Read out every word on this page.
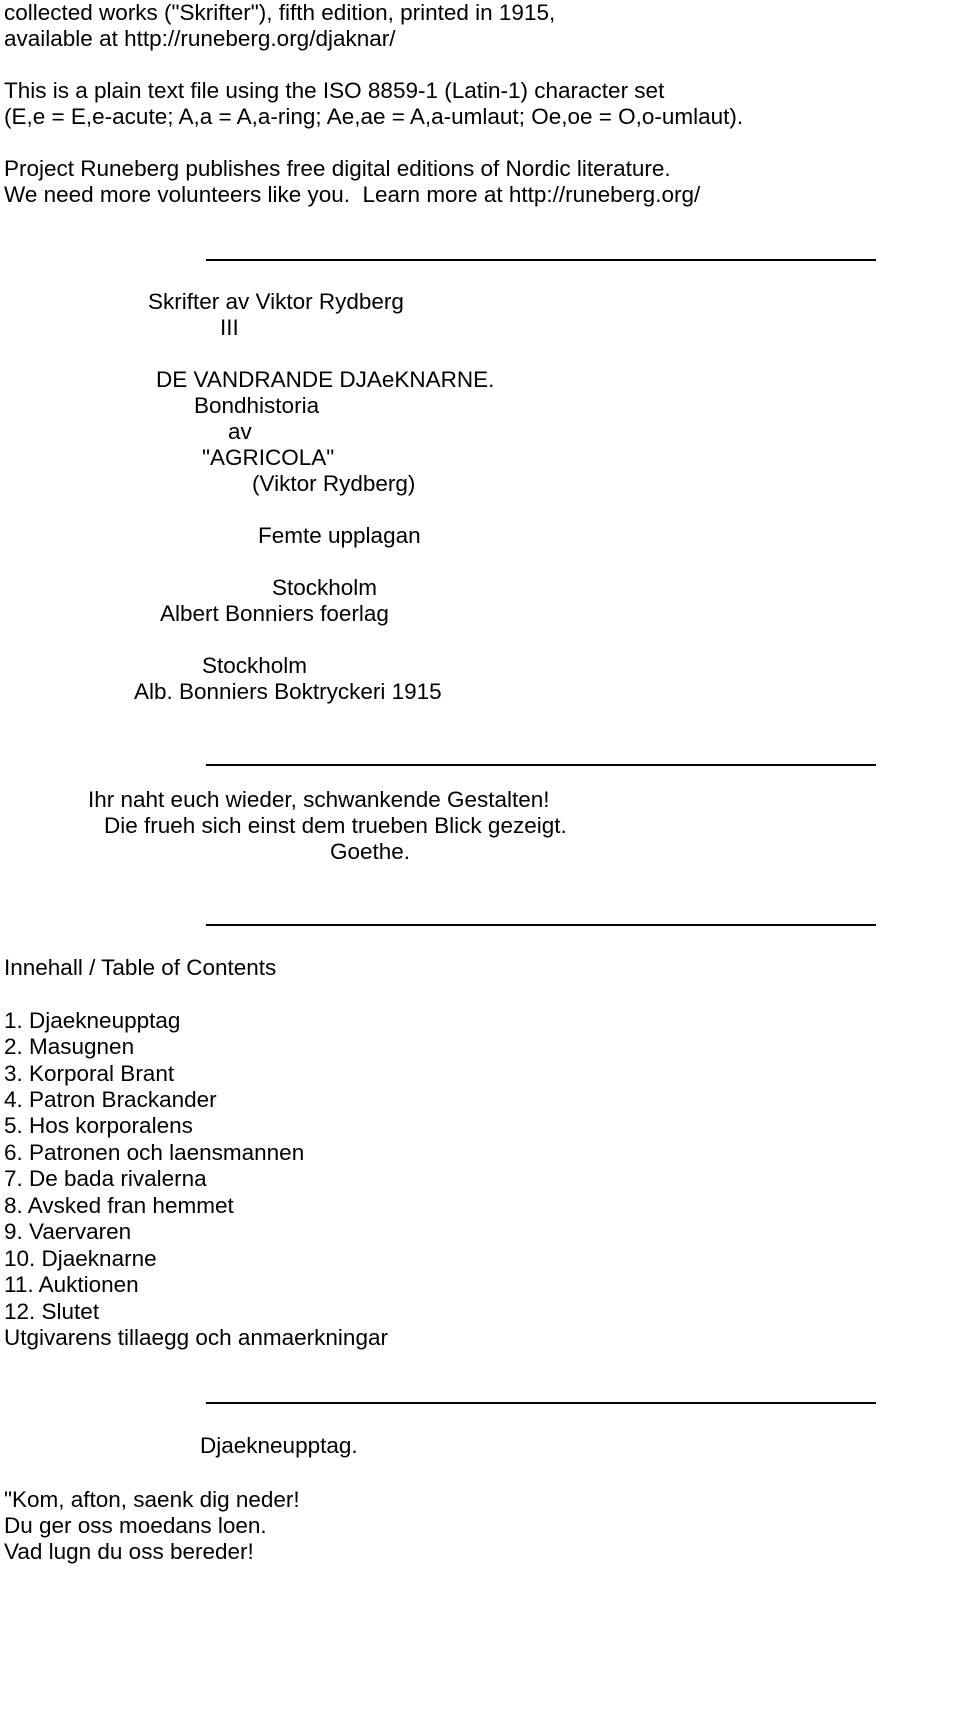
collected works ("Skrifter"), fifth edition, printed in 1915,

available at http://runeberg.org/djaknar/

This is a plain text file using the ISO 8859-1 (Latin-1) character set

(E,e = E,e-acute; A,a = A,a-ring; Ae,ae = A,a-umlaut; Oe,oe = O,o-umlaut).

Project Runeberg publishes free digital editions of Nordic literature.

We need more volunteers like you.  Learn more at http://runeberg.org/

Skrifter av Viktor Rydberg

III

DE VANDRANDE DJAeKNARNE.

Bondhistoria

av

"AGRICOLA"

(Viktor Rydberg)

Femte upplagan

Stockholm

Albert Bonniers foerlag

Stockholm

Alb. Bonniers Boktryckeri 1915

Ihr naht euch wieder, schwankende Gestalten!

Die frueh sich einst dem trueben Blick gezeigt.

Goethe.

Innehall / Table of Contents

1. Djaekneupptag

2. Masugnen

3. Korporal Brant

4. Patron Brackander

5. Hos korporalens

6. Patronen och laensmannen

7. De bada rivalerna

8. Avsked fran hemmet

9. Vaervaren

10. Djaeknarne

11. Auktionen

12. Slutet

Utgivarens tillaegg och anmaerkningar

Djaekneupptag.

"Kom, afton, saenk dig neder!

Du ger oss moedans loen.

Vad lugn du oss bereder!
